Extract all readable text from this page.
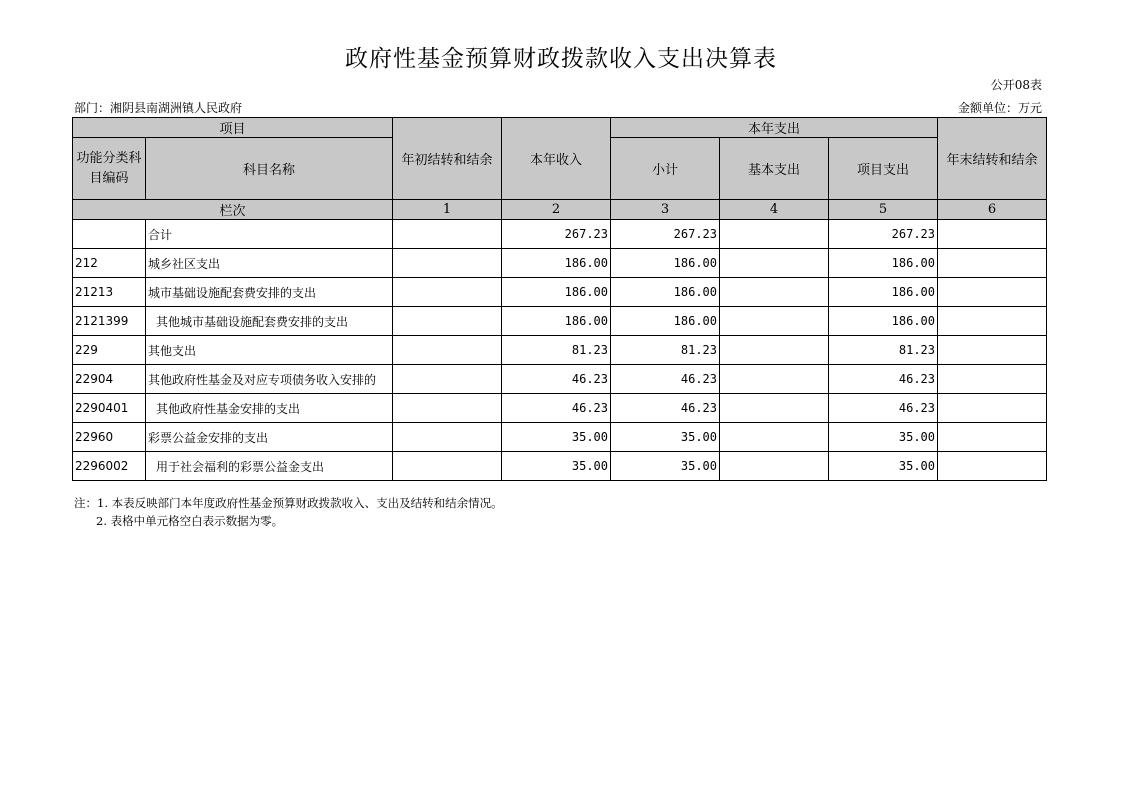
政府性基金预算财政拨款收入支出决算表
公开08表
部门：湘阴县南湖洲镇人民政府	金额单位：万元
项目		年初结转和结余	本年收入	本年支出			年末结转和结余
功能分类科目编码	科目名称			小计	基本支出	项目支出	
栏次		1	2	3	4	5	6
	合计		267.23	267.23		267.23	
212	城乡社区支出		186.00	186.00		186.00	
21213	城市基础设施配套费安排的支出		186.00	186.00		186.00	
2121399	其他城市基础设施配套费安排的支出		186.00	186.00		186.00	
229	其他支出		81.23	81.23		81.23	
22904	其他政府性基金及对应专项债务收入安排的		46.23	46.23		46.23	
2290401	其他政府性基金安排的支出		46.23	46.23		46.23	
22960	彩票公益金安排的支出		35.00	35.00		35.00	
2296002	用于社会福利的彩票公益金支出		35.00	35.00		35.00	
注：1. 本表反映部门本年度政府性基金预算财政拨款收入、支出及结转和结余情况。
2. 表格中单元格空白表示数据为零。
